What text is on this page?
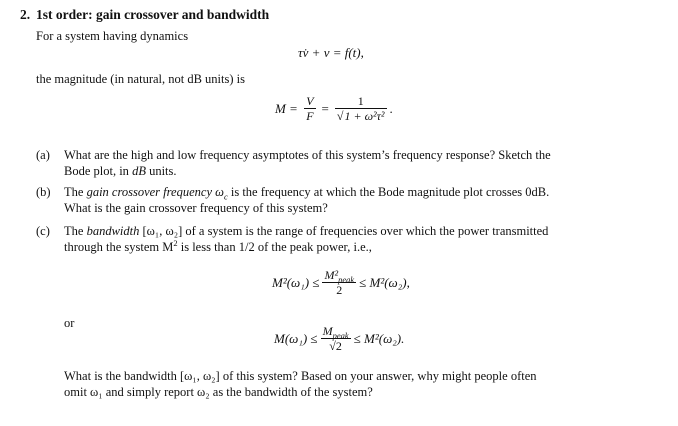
2. 1st order: gain crossover and bandwidth
For a system having dynamics
τv̇ + v = f(t),
the magnitude (in natural, not dB units) is
$M = \frac{V}{F} = \frac{1}{\text{√1 + ω²τ²}}$ .
(a) What are the high and low frequency asymptotes of this system’s frequency response? Sketch the
Bode plot, in dB units.
(b) The gain crossover frequency $\omega_c$ is the frequency at which the Bode magnitude plot crosses 0dB.
What is the gain crossover frequency of this system?
(c) The bandwidth [ω₁, ω₂] of a system is the range of frequencies over which the power transmitted
through the system $M^2$ is less than 1/2 of the peak power, i.e.,
$M^2(\omega_1) \le \frac{M^2_{peak}}{2} \le M^2(\omega_2)$,
or
$M(\omega_1) \le \frac{M_{peak}}{√2} \le M^2(\omega_2)$.
What is the bandwidth [ω₁, ω₂] of this system? Based on your answer, why might people often
omit ω₁ and simply report ω₂ as the bandwidth of the system?
